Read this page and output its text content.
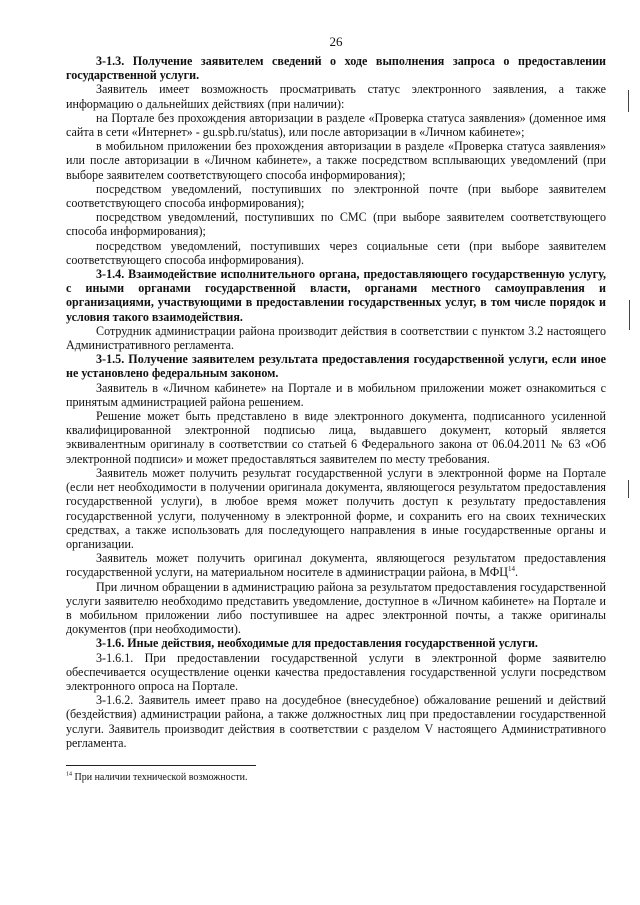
26

3-1.3. Получение заявителем сведений о ходе выполнения запроса о предоставлении государственной услуги.

Заявитель имеет возможность просматривать статус электронного заявления, а также информацию о дальнейших действиях (при наличии):

на Портале без прохождения авторизации в разделе «Проверка статуса заявления» (доменное имя сайта в сети «Интернет» - gu.spb.ru/status), или после авторизации в «Личном кабинете»;

в мобильном приложении без прохождения авторизации в разделе «Проверка статуса заявления» или после авторизации в «Личном кабинете», а также посредством всплывающих уведомлений (при выборе заявителем соответствующего способа информирования);

посредством уведомлений, поступивших по электронной почте (при выборе заявителем соответствующего способа информирования);

посредством уведомлений, поступивших по СМС (при выборе заявителем соответствующего способа информирования);

посредством уведомлений, поступивших через социальные сети (при выборе заявителем соответствующего способа информирования).

3-1.4. Взаимодействие исполнительного органа, предоставляющего государственную услугу, с иными органами государственной власти, органами местного самоуправления и организациями, участвующими в предоставлении государственных услуг, в том числе порядок и условия такого взаимодействия.

Сотрудник администрации района производит действия в соответствии с пунктом 3.2 настоящего Административного регламента.

3-1.5. Получение заявителем результата предоставления государственной услуги, если иное не установлено федеральным законом.

Заявитель в «Личном кабинете» на Портале и в мобильном приложении может ознакомиться с принятым администрацией района решением.

Решение может быть представлено в виде электронного документа, подписанного усиленной квалифицированной электронной подписью лица, выдавшего документ, который является эквивалентным оригиналу в соответствии со статьей 6 Федерального закона от 06.04.2011 № 63 «Об электронной подписи» и может предоставляться заявителем по месту требования.

Заявитель может получить результат государственной услуги в электронной форме на Портале (если нет необходимости в получении оригинала документа, являющегося результатом предоставления государственной услуги), в любое время может получить доступ к результату предоставления государственной услуги, полученному в электронной форме, и сохранить его на своих технических средствах, а также использовать для последующего направления в иные государственные органы и организации.

Заявитель может получить оригинал документа, являющегося результатом предоставления государственной услуги, на материальном носителе в администрации района, в МФЦ$^{14}$.

При личном обращении в администрацию района за результатом предоставления государственной услуги заявителю необходимо представить уведомление, доступное в «Личном кабинете» на Портале и в мобильном приложении либо поступившее на адрес электронной почты, а также оригиналы документов (при необходимости).

3-1.6. Иные действия, необходимые для предоставления государственной услуги.

3-1.6.1. При предоставлении государственной услуги в электронной форме заявителю обеспечивается осуществление оценки качества предоставления государственной услуги посредством электронного опроса на Портале.

3-1.6.2. Заявитель имеет право на досудебное (внесудебное) обжалование решений и действий (бездействия) администрации района, а также должностных лиц при предоставлении государственной услуги. Заявитель производит действия в соответствии с разделом V настоящего Административного регламента.

$^{14}$ При наличии технической возможности.
